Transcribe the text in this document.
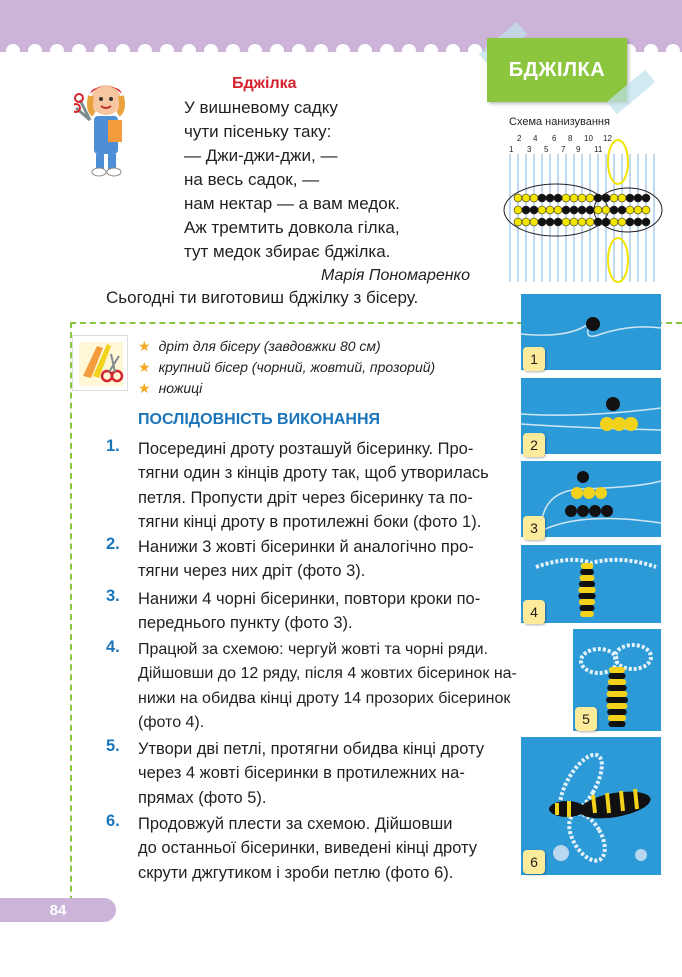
БДЖІЛКА
Бджілка
У вишневому садку
чути пісеньку таку:
— Джи-джи-джи, —
на весь садок, —
нам нектар — а вам медок.
Аж тремтить довкола гілка,
тут медок збирає бджілка.
Марія Пономаренко
Схема нанизування
2 4 6 8 10 12
1 3 5 7 9 11
Сьогодні ти виготовиш бджілку з бісеру.
★ дріт для бісеру (завдовжки 80 см)
★ крупний бісер (чорний, жовтий, прозорий)
★ ножиці
ПОСЛІДОВНІСТЬ ВИКОНАННЯ
1. Посередині дроту розташуй бісеринку. Про-
тягни один з кінців дроту так, щоб утворилась
петля. Пропусти дріт через бісеринку та по-
тягни кінці дроту в протилежні боки (фото 1).
2. Нанижи 3 жовті бісеринки й аналогічно про-
тягни через них дріт (фото 3).
3. Нанижи 4 чорні бісеринки, повтори кроки по-
переднього пункту (фото 3).
4. Працюй за схемою: чергуй жовті та чорні ряди.
Дійшовши до 12 ряду, після 4 жовтих бісеринок на-
нижи на обидва кінці дроту 14 прозорих бісеринок
(фото 4).
5. Утвори дві петлі, протягни обидва кінці дроту
через 4 жовті бісеринки в протилежних на-
прямах (фото 5).
6. Продовжуй плести за схемою. Дійшовши
до останньої бісеринки, виведені кінці дроту
скрути джгутиком і зроби петлю (фото 6).
1
2
3
4
5
6
84
